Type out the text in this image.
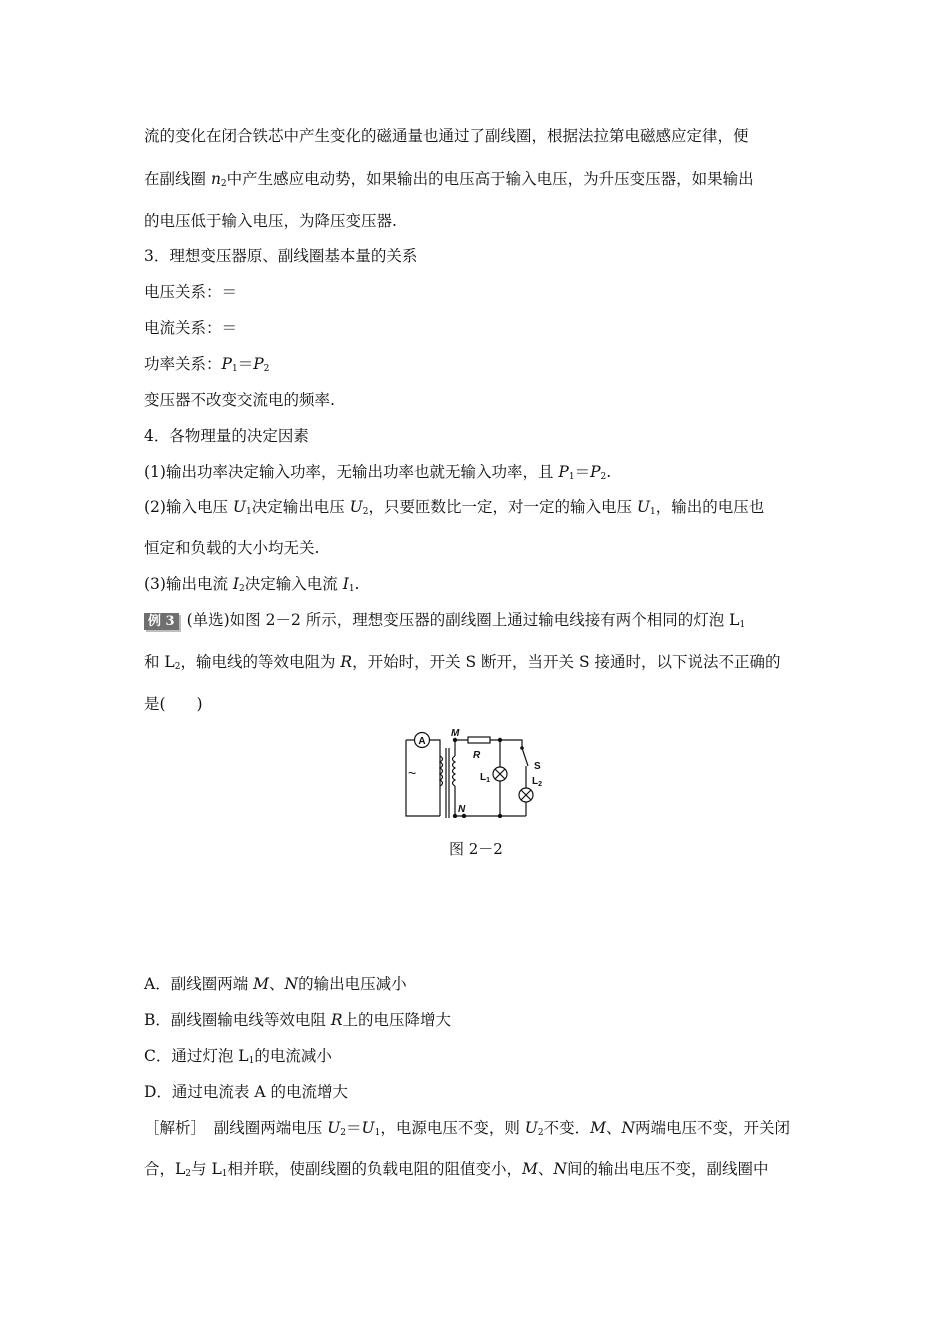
流的变化在闭合铁芯中产生变化的磁通量也通过了副线圈，根据法拉第电磁感应定律，便
在副线圈 $n_2$中产生感应电动势，如果输出的电压高于输入电压，为升压变压器，如果输出
的电压低于输入电压，为降压变压器.
3．理想变压器原、副线圈基本量的关系
电压关系：＝
电流关系：＝
功率关系：$P_1=P_2$
变压器不改变交流电的频率.
4．各物理量的决定因素
(1)输出功率决定输入功率，无输出功率也就无输入功率，且 $P_1=P_2$.
(2)输入电压 $U_1$决定输出电压 $U_2$，只要匝数比一定，对一定的输入电压 $U_1$，输出的电压也
恒定和负载的大小均无关.
(3)输出电流 $I_2$决定输入电流 $I_1$.
例 3 (单选)如图 2－2 所示，理想变压器的副线圈上通过输电线接有两个相同的灯泡 $L_1$
和 $L_2$，输电线的等效电阻为 R，开始时，开关 S 断开，当开关 S 接通时，以下说法不正确的
是(　　)
A
~
M
N
R
S
$L_1$	$L_2$
图 2－2
A．副线圈两端 M、N的输出电压减小
B．副线圈输电线等效电阻 R上的电压降增大
C．通过灯泡 $L_1$的电流减小
D．通过电流表 A 的电流增大
［解析］　副线圈两端电压 $U_2=U_1$，电源电压不变，则 $U_2$不变．M、N两端电压不变，开关闭
合，$L_2$与 $L_1$相并联，使副线圈的负载电阻的阻值变小，M、N间的输出电压不变，副线圈中
